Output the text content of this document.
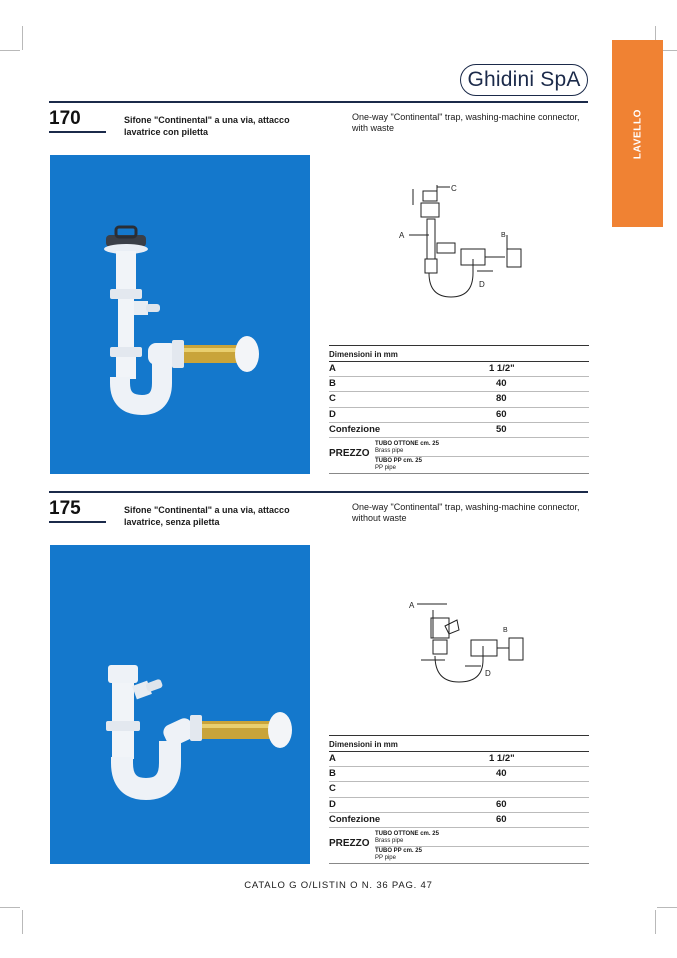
Ghidini SpA
LAVELLO
170	Sifone "Continental" a una via, attacco lavatrice con piletta
One-way "Continental" trap, washing-machine connector, with waste
A	B
C
D
Dimensioni in mm
A	1 1/2"
B	40
C	80
D	60
Confezione	50
PREZZO
TUBO OTTONE cm. 25
Brass pipe
TUBO PP cm. 25
PP pipe
175	Sifone "Continental" a una via, attacco lavatrice, senza piletta
One-way "Continental" trap, washing-machine connector, without waste
A
B
D
Dimensioni in mm
A	1 1/2"
B	40
C
D	60
Confezione	60
PREZZO
TUBO OTTONE cm. 25
Brass pipe
TUBO PP cm. 25
PP pipe
CATALO G O/LISTIN O N. 36 PAG. 47
